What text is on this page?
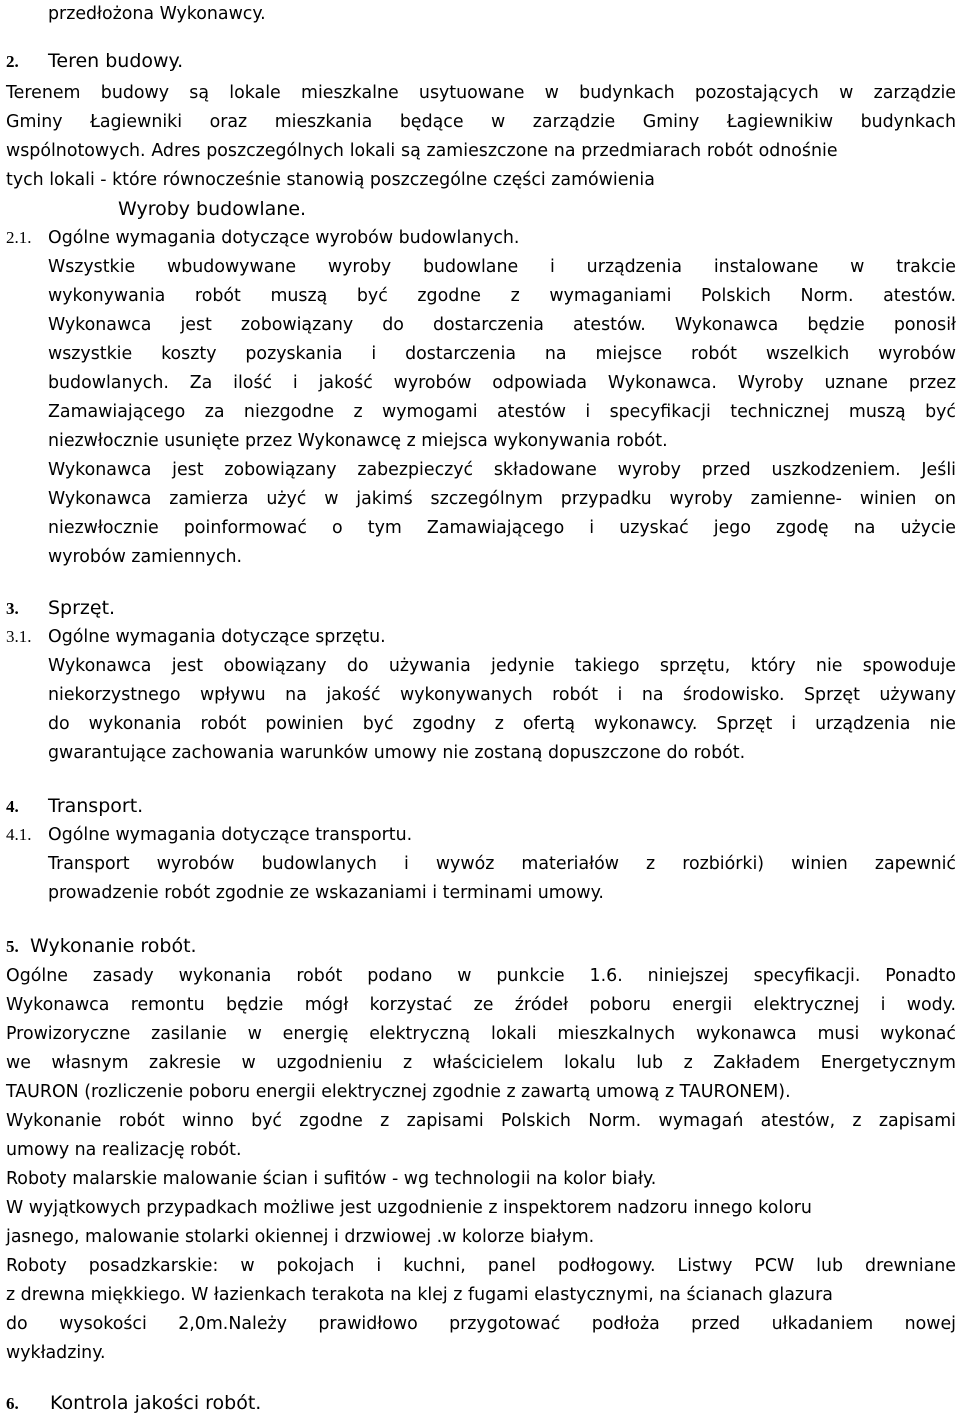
przedłożona Wykonawcy.
2. Teren budowy.
Terenem budowy są lokale mieszkalne usytuowane w budynkach pozostających w zarządzie
Gminy Łagiewniki oraz mieszkania będące w zarządzie Gminy Łagiewnikiw budynkach
wspólnotowych. Adres poszczególnych lokali są zamieszczone na przedmiarach robót odnośnie
tych lokali - które równocześnie stanowią poszczególne części zamówienia
Wyroby budowlane.
2.1. Ogólne wymagania dotyczące wyrobów budowlanych.
Wszystkie wbudowywane wyroby budowlane i urządzenia instalowane w trakcie
wykonywania robót muszą być zgodne z wymaganiami Polskich Norm. atestów.
Wykonawca jest zobowiązany do dostarczenia atestów. Wykonawca będzie ponosił
wszystkie koszty pozyskania i dostarczenia na miejsce robót wszelkich wyrobów
budowlanych. Za ilość i jakość wyrobów odpowiada Wykonawca. Wyroby uznane przez
Zamawiającego za niezgodne z wymogami atestów i specyfikacji technicznej muszą być
niezwłocznie usunięte przez Wykonawcę z miejsca wykonywania robót.
Wykonawca jest zobowiązany zabezpieczyć składowane wyroby przed uszkodzeniem. Jeśli
Wykonawca zamierza użyć w jakimś szczególnym przypadku wyroby zamienne- winien on
niezwłocznie poinformować o tym Zamawiającego i uzyskać jego zgodę na użycie
wyrobów zamiennych.
3. Sprzęt.
3.1. Ogólne wymagania dotyczące sprzętu.
Wykonawca jest obowiązany do używania jedynie takiego sprzętu, który nie spowoduje
niekorzystnego wpływu na jakość wykonywanych robót i na środowisko. Sprzęt używany
do wykonania robót powinien być zgodny z ofertą wykonawcy. Sprzęt i urządzenia nie
gwarantujące zachowania warunków umowy nie zostaną dopuszczone do robót.
4. Transport.
4.1. Ogólne wymagania dotyczące transportu.
Transport wyrobów budowlanych i wywóz materiałów z rozbiórki) winien zapewnić
prowadzenie robót zgodnie ze wskazaniami i terminami umowy.
5. Wykonanie robót.
Ogólne zasady wykonania robót podano w punkcie 1.6. niniejszej specyfikacji. Ponadto
Wykonawca remontu będzie mógł korzystać ze źródeł poboru energii elektrycznej i wody.
Prowizoryczne zasilanie w energię elektryczną lokali mieszkalnych wykonawca musi wykonać
we własnym zakresie w uzgodnieniu z właścicielem lokalu lub z Zakładem Energetycznym
TAURON (rozliczenie poboru energii elektrycznej zgodnie z zawartą umową z TAURONEM).
Wykonanie robót winno być zgodne z zapisami Polskich Norm. wymagań atestów, z zapisami
umowy na realizację robót.
Roboty malarskie malowanie ścian i sufitów - wg technologii na kolor biały.
W wyjątkowych przypadkach możliwe jest uzgodnienie z inspektorem nadzoru innego koloru
jasnego, malowanie stolarki okiennej i drzwiowej .w kolorze białym.
Roboty posadzkarskie: w pokojach i kuchni, panel podłogowy. Listwy PCW lub drewniane
z drewna miękkiego. W łazienkach terakota na klej z fugami elastycznymi, na ścianach glazura
do wysokości 2,0m.Należy prawidłowo przygotować podłoża przed ułkadaniem nowej
wykładziny.
6. Kontrola jakości robót.
